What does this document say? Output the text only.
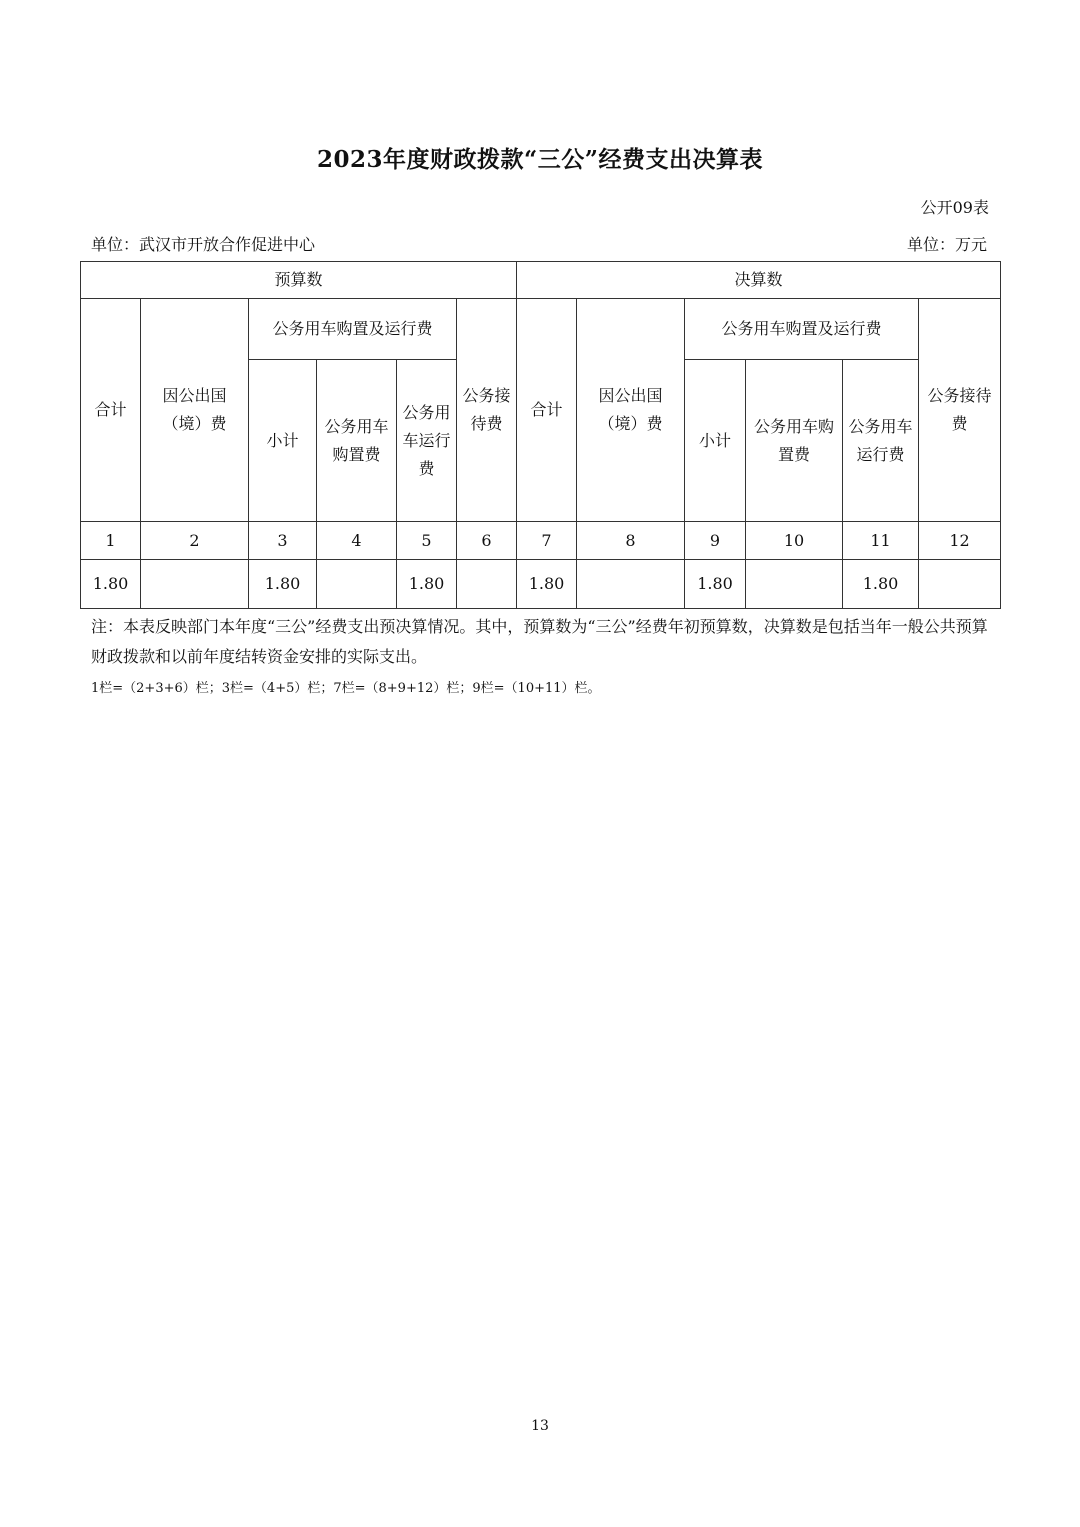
2023年度财政拨款“三公”经费支出决算表
公开09表
单位：武汉市开放合作促进中心	单位：万元
预算数						决算数					
合计	因公出国（境）费	公务用车购置及运行费			公务接待费	合计	因公出国（境）费	公务用车购置及运行费			公务接待费
		小计	公务用车购置费	公务用车运行费				小计	公务用车购置费	公务用车运行费	
1	2	3	4	5	6	7	8	9	10	11	12
1.80		1.80		1.80		1.80		1.80		1.80	
注：本表反映部门本年度“三公”经费支出预决算情况。其中，预算数为“三公”经费年初预算数，决算数是包括当年一般公共预算财政拨款和以前年度结转资金安排的实际支出。
1栏=（2+3+6）栏；3栏=（4+5）栏；7栏=（8+9+12）栏；9栏=（10+11）栏。
13
